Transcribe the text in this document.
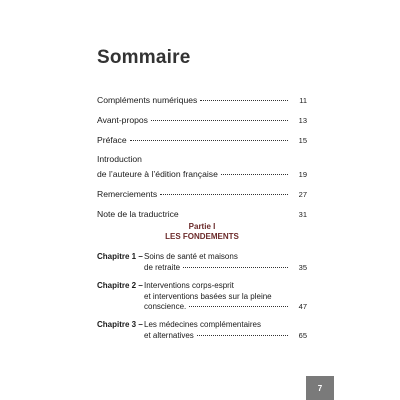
Sommaire
Compléments numériques	11
Avant-propos	13
Préface	15
Introduction
de l’auteure à l’édition française	19
Remerciements	27
Note de la traductrice	31
Partie I
LES FONDEMENTS
Chapitre 1 – Soins de santé et maisons
de retraite	35
Chapitre 2 – Interventions corps-esprit
et interventions basées sur la pleine
conscience.	47
Chapitre 3 – Les médecines complémentaires
et alternatives	65
7
